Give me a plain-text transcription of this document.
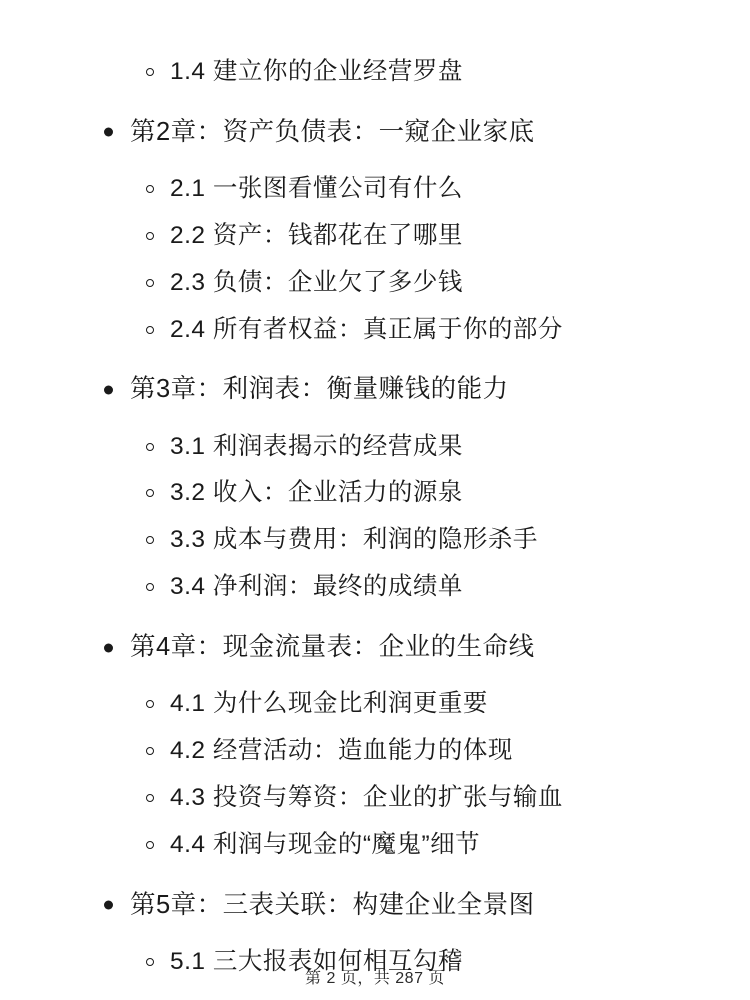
1.4 建立你的企业经营罗盘
第2章：资产负债表：一窥企业家底
2.1 一张图看懂公司有什么
2.2 资产：钱都花在了哪里
2.3 负债：企业欠了多少钱
2.4 所有者权益：真正属于你的部分
第3章：利润表：衡量赚钱的能力
3.1 利润表揭示的经营成果
3.2 收入：企业活力的源泉
3.3 成本与费用：利润的隐形杀手
3.4 净利润：最终的成绩单
第4章：现金流量表：企业的生命线
4.1 为什么现金比利润更重要
4.2 经营活动：造血能力的体现
4.3 投资与筹资：企业的扩张与输血
4.4 利润与现金的“魔鬼”细节
第5章：三表关联：构建企业全景图
5.1 三大报表如何相互勾稽
第 2 页，共 287 页
